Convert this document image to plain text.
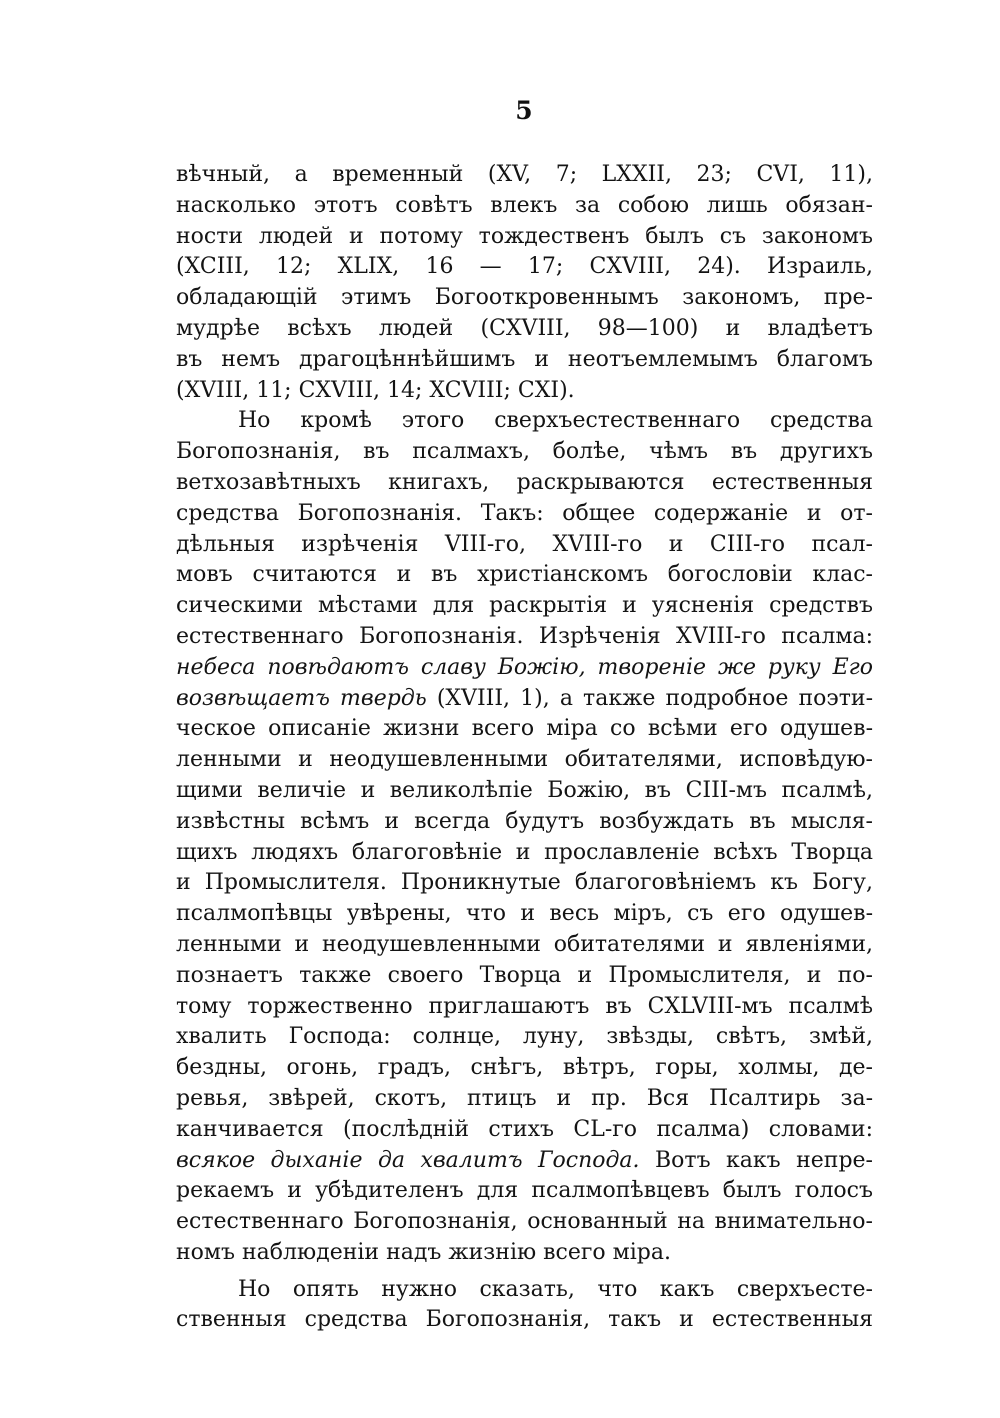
5
вѣчный, а временный (XV, 7; LXXII, 23; CVI, 11),
насколько этотъ совѣтъ влекъ за собою лишь обязан-
ности людей и потому тождественъ былъ съ закономъ
(XCIII, 12; XLIX, 16 — 17; CXVIII, 24). Израиль,
обладающій этимъ Богооткровеннымъ закономъ, пре-
мудрѣе всѣхъ людей (CXVIII, 98—100) и владѣетъ
въ немъ драгоцѣннѣйшимъ и неотъемлемымъ благомъ
(XVIII, 11; CXVIII, 14; XCVIII; CXI).
Но кромѣ этого сверхъестественнаго средства
Богопознанія, въ псалмахъ, болѣе, чѣмъ въ другихъ
ветхозавѣтныхъ книгахъ, раскрываются естественныя
средства Богопознанія. Такъ: общее содержаніе и от-
дѣльныя изрѣченія VIII-го, XVIII-го и CIII-го псал-
мовъ считаются и въ христіанскомъ богословіи клас-
сическими мѣстами для раскрытія и уясненія средствъ
естественнаго Богопознанія. Изрѣченія XVIII-го псалма:
небеса повѣдаютъ славу Божію, твореніе же руку Его
возвѣщаетъ твердь (XVIII, 1), а также подробное поэти-
ческое описаніе жизни всего міра со всѣми его одушев-
ленными и неодушевленными обитателями, исповѣдую-
щими величіе и великолѣпіе Божію, въ CIII-мъ псалмѣ,
извѣстны всѣмъ и всегда будутъ возбуждать въ мысля-
щихъ людяхъ благоговѣніе и прославленіе всѣхъ Творца
и Промыслителя. Проникнутые благоговѣніемъ къ Богу,
псалмопѣвцы увѣрены, что и весь міръ, съ его одушев-
ленными и неодушевленными обитателями и явленіями,
познаетъ также своего Творца и Промыслителя, и по-
тому торжественно приглашаютъ въ CXLVIII-мъ псалмѣ
хвалить Господа: солнце, луну, звѣзды, свѣтъ, змѣй,
бездны, огонь, градъ, снѣгъ, вѣтръ, горы, холмы, де-
ревья, звѣрей, скотъ, птицъ и пр. Вся Псалтирь за-
канчивается (послѣдній стихъ CL-го псалма) словами:
всякое дыханіе да хвалитъ Господа. Вотъ какъ непре-
рекаемъ и убѣдителенъ для псалмопѣвцевъ былъ голосъ
естественнаго Богопознанія, основанный на внимательно-
номъ наблюденіи надъ жизнію всего міра.
Но опять нужно сказать, что какъ сверхъесте-
ственныя средства Богопознанія, такъ и естественныя
